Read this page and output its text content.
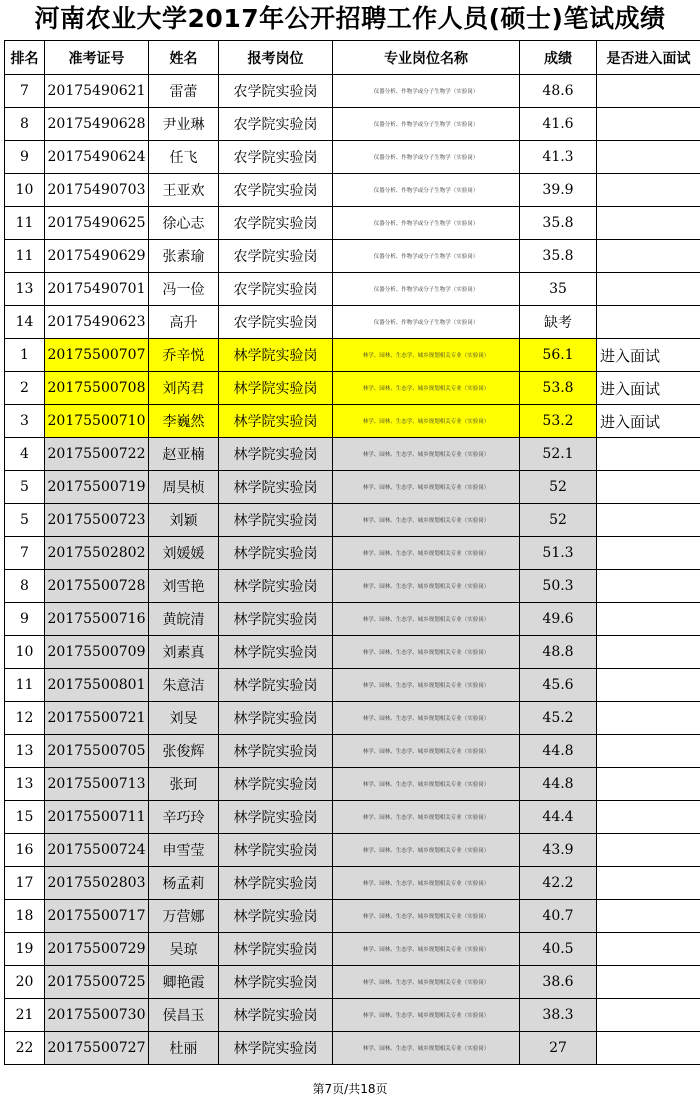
河南农业大学2017年公开招聘工作人员(硕士)笔试成绩
排名	准考证号	姓名	报考岗位	专业岗位名称	成绩	是否进入面试
7	20175490621	雷蕾	农学院实验岗	仪器分析、作物学或分子生物学（实验岗）	48.6	
8	20175490628	尹业琳	农学院实验岗	仪器分析、作物学或分子生物学（实验岗）	41.6	
9	20175490624	任飞	农学院实验岗	仪器分析、作物学或分子生物学（实验岗）	41.3	
10	20175490703	王亚欢	农学院实验岗	仪器分析、作物学或分子生物学（实验岗）	39.9	
11	20175490625	徐心志	农学院实验岗	仪器分析、作物学或分子生物学（实验岗）	35.8	
11	20175490629	张素瑜	农学院实验岗	仪器分析、作物学或分子生物学（实验岗）	35.8	
13	20175490701	冯一俭	农学院实验岗	仪器分析、作物学或分子生物学（实验岗）	35	
14	20175490623	高升	农学院实验岗	仪器分析、作物学或分子生物学（实验岗）	缺考	
1	20175500707	乔辛悦	林学院实验岗	林学、园林、生态学、城乡规划相关专业（实验岗）	56.1	进入面试
2	20175500708	刘芮君	林学院实验岗	林学、园林、生态学、城乡规划相关专业（实验岗）	53.8	进入面试
3	20175500710	李巍然	林学院实验岗	林学、园林、生态学、城乡规划相关专业（实验岗）	53.2	进入面试
4	20175500722	赵亚楠	林学院实验岗	林学、园林、生态学、城乡规划相关专业（实验岗）	52.1	
5	20175500719	周昊桢	林学院实验岗	林学、园林、生态学、城乡规划相关专业（实验岗）	52	
5	20175500723	刘颖	林学院实验岗	林学、园林、生态学、城乡规划相关专业（实验岗）	52	
7	20175502802	刘媛媛	林学院实验岗	林学、园林、生态学、城乡规划相关专业（实验岗）	51.3	
8	20175500728	刘雪艳	林学院实验岗	林学、园林、生态学、城乡规划相关专业（实验岗）	50.3	
9	20175500716	黄皖清	林学院实验岗	林学、园林、生态学、城乡规划相关专业（实验岗）	49.6	
10	20175500709	刘素真	林学院实验岗	林学、园林、生态学、城乡规划相关专业（实验岗）	48.8	
11	20175500801	朱意洁	林学院实验岗	林学、园林、生态学、城乡规划相关专业（实验岗）	45.6	
12	20175500721	刘旻	林学院实验岗	林学、园林、生态学、城乡规划相关专业（实验岗）	45.2	
13	20175500705	张俊辉	林学院实验岗	林学、园林、生态学、城乡规划相关专业（实验岗）	44.8	
13	20175500713	张珂	林学院实验岗	林学、园林、生态学、城乡规划相关专业（实验岗）	44.8	
15	20175500711	辛巧玲	林学院实验岗	林学、园林、生态学、城乡规划相关专业（实验岗）	44.4	
16	20175500724	申雪莹	林学院实验岗	林学、园林、生态学、城乡规划相关专业（实验岗）	43.9	
17	20175502803	杨孟莉	林学院实验岗	林学、园林、生态学、城乡规划相关专业（实验岗）	42.2	
18	20175500717	万营娜	林学院实验岗	林学、园林、生态学、城乡规划相关专业（实验岗）	40.7	
19	20175500729	吴琼	林学院实验岗	林学、园林、生态学、城乡规划相关专业（实验岗）	40.5	
20	20175500725	卿艳霞	林学院实验岗	林学、园林、生态学、城乡规划相关专业（实验岗）	38.6	
21	20175500730	侯昌玉	林学院实验岗	林学、园林、生态学、城乡规划相关专业（实验岗）	38.3	
22	20175500727	杜丽	林学院实验岗	林学、园林、生态学、城乡规划相关专业（实验岗）	27	
第7页/共18页
